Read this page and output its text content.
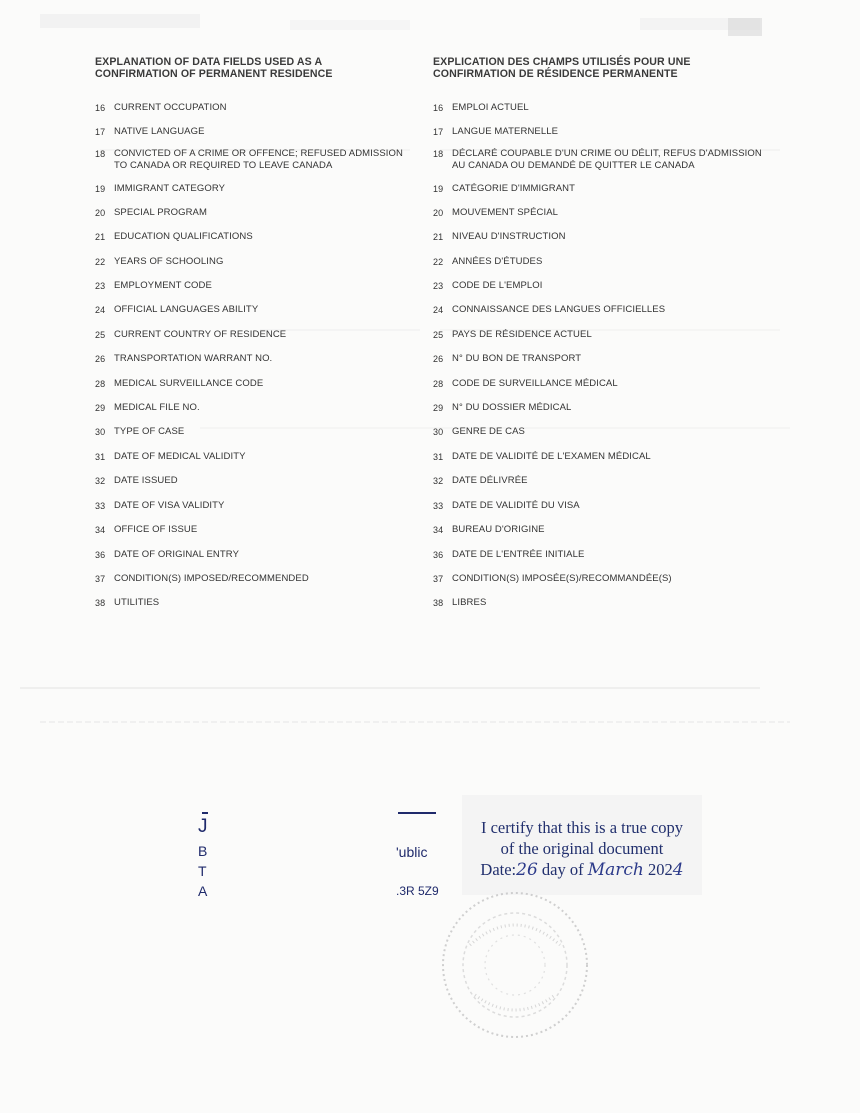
EXPLANATION OF DATA FIELDS USED AS A
CONFIRMATION OF PERMANENT RESIDENCE

16 CURRENT OCCUPATION
17 NATIVE LANGUAGE
18 CONVICTED OF A CRIME OR OFFENCE; REFUSED ADMISSION TO CANADA OR REQUIRED TO LEAVE CANADA
19 IMMIGRANT CATEGORY
20 SPECIAL PROGRAM
21 EDUCATION QUALIFICATIONS
22 YEARS OF SCHOOLING
23 EMPLOYMENT CODE
24 OFFICIAL LANGUAGES ABILITY
25 CURRENT COUNTRY OF RESIDENCE
26 TRANSPORTATION WARRANT NO.
28 MEDICAL SURVEILLANCE CODE
29 MEDICAL FILE NO.
30 TYPE OF CASE
31 DATE OF MEDICAL VALIDITY
32 DATE ISSUED
33 DATE OF VISA VALIDITY
34 OFFICE OF ISSUE
36 DATE OF ORIGINAL ENTRY
37 CONDITION(S) IMPOSED/RECOMMENDED
38 UTILITIES

EXPLICATION DES CHAMPS UTILISÉS POUR UNE
CONFIRMATION DE RÉSIDENCE PERMANENTE

16 EMPLOI ACTUEL
17 LANGUE MATERNELLE
18 DÉCLARÉ COUPABLE D'UN CRIME OU DÉLIT, REFUS D'ADMISSION AU CANADA OU DEMANDÉ DE QUITTER LE CANADA
19 CATÉGORIE D'IMMIGRANT
20 MOUVEMENT SPÉCIAL
21 NIVEAU D'INSTRUCTION
22 ANNÉES D'ÉTUDES
23 CODE DE L'EMPLOI
24 CONNAISSANCE DES LANGUES OFFICIELLES
25 PAYS DE RÉSIDENCE ACTUEL
26 N° DU BON DE TRANSPORT
28 CODE DE SURVEILLANCE MÉDICAL
29 N° DU DOSSIER MÉDICAL
30 GENRE DE CAS
31 DATE DE VALIDITÉ DE L'EXAMEN MÉDICAL
32 DATE DÉLIVRÉE
33 DATE DE VALIDITÉ DU VISA
34 BUREAU D'ORIGINE
36 DATE DE L'ENTRÉE INITIALE
37 CONDITION(S) IMPOSÉE(S)/RECOMMANDÉE(S)
38 LIBRES
J
B
T
A
'ublic
.3R 5Z9
I certify that this is a true copy
of the original document
Date:26 day of March 2024
